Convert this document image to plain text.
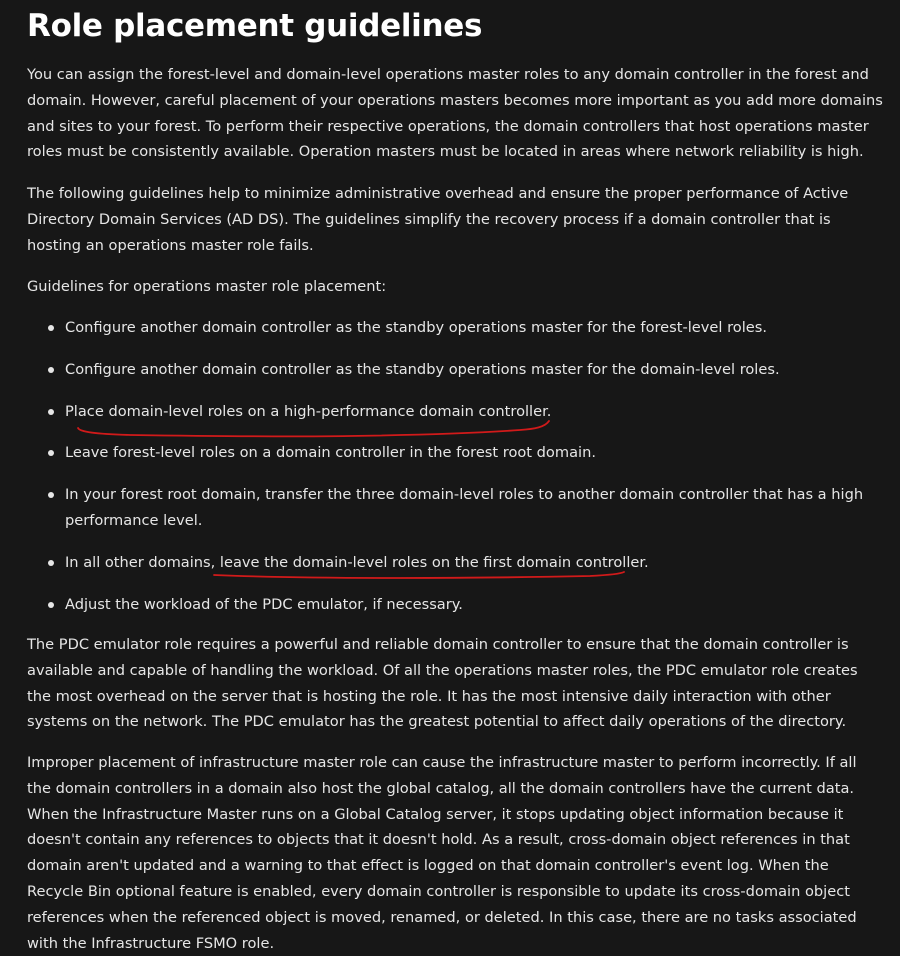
Role placement guidelines

You can assign the forest-level and domain-level operations master roles to any domain controller in the forest and domain. However, careful placement of your operations masters becomes more important as you add more domains and sites to your forest. To perform their respective operations, the domain controllers that host operations master roles must be consistently available. Operation masters must be located in areas where network reliability is high.

The following guidelines help to minimize administrative overhead and ensure the proper performance of Active Directory Domain Services (AD DS). The guidelines simplify the recovery process if a domain controller that is hosting an operations master role fails.

Guidelines for operations master role placement:

Configure another domain controller as the standby operations master for the forest-level roles.
Configure another domain controller as the standby operations master for the domain-level roles.
Place domain-level roles on a high-performance domain controller.
Leave forest-level roles on a domain controller in the forest root domain.
In your forest root domain, transfer the three domain-level roles to another domain controller that has a high performance level.
In all other domains, leave the domain-level roles on the first domain controller.
Adjust the workload of the PDC emulator, if necessary.

The PDC emulator role requires a powerful and reliable domain controller to ensure that the domain controller is available and capable of handling the workload. Of all the operations master roles, the PDC emulator role creates the most overhead on the server that is hosting the role. It has the most intensive daily interaction with other systems on the network. The PDC emulator has the greatest potential to affect daily operations of the directory.

Improper placement of infrastructure master role can cause the infrastructure master to perform incorrectly. If all the domain controllers in a domain also host the global catalog, all the domain controllers have the current data. When the Infrastructure Master runs on a Global Catalog server, it stops updating object information because it doesn't contain any references to objects that it doesn't hold. As a result, cross-domain object references in that domain aren't updated and a warning to that effect is logged on that domain controller's event log. When the Recycle Bin optional feature is enabled, every domain controller is responsible to update its cross-domain object references when the referenced object is moved, renamed, or deleted. In this case, there are no tasks associated with the Infrastructure FSMO role.
